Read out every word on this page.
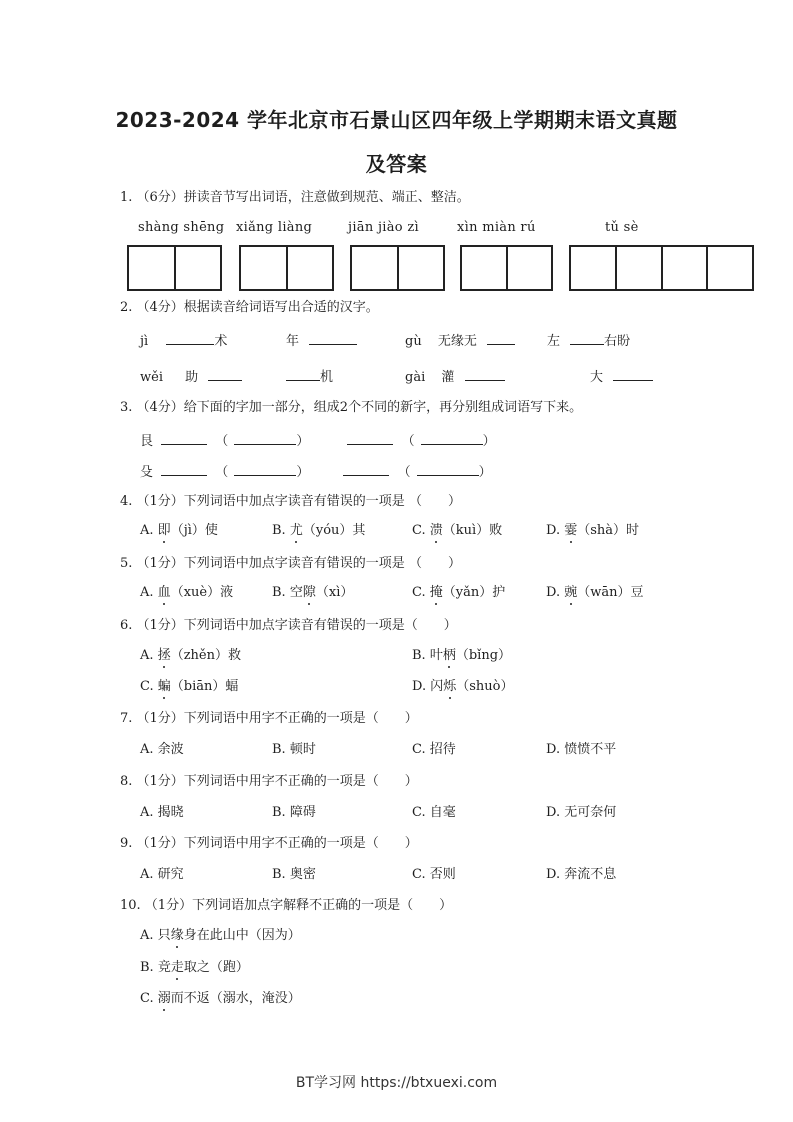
2023-2024 学年北京市石景山区四年级上学期期末语文真题
及答案
1. （6分）拼读音节写出词语，注意做到规范、端正、整洁。
shàng shēng xiǎng liàng	jiān jiào zì	xìn miàn rú	tǔ sè
2. （4分）根据读音给词语写出合适的汉字。
jì	术	年	gù 无缘无	左	右盼
wěi 助	机	gài 灌	大
3. （4分）给下面的字加一部分，组成2个不同的新字，再分别组成词语写下来。
艮	（	）	（	）
殳	（	）	（	）
4. （1分）下列词语中加点字读音有错误的一项是 （　　）
A. 即（jì）使	B. 尤（yóu）其	C. 溃（kuì）败	D. 霎（shà）时
5. （1分）下列词语中加点字读音有错误的一项是 （　　）
A. 血（xuè）液	B. 空隙（xì）	C. 掩（yǎn）护	D. 豌（wān）豆
6. （1分）下列词语中加点字读音有错误的一项是（　　）
A. 拯（zhěn）救	B. 叶柄（bǐng）
C. 蝙（biān）蝠	D. 闪烁（shuò）
7. （1分）下列词语中用字不正确的一项是（　　）
A. 余波	B. 顿时	C. 招待	D. 愤愤不平
8. （1分）下列词语中用字不正确的一项是（　　）
A. 揭晓	B. 障碍	C. 自毫	D. 无可奈何
9. （1分）下列词语中用字不正确的一项是（　　）
A. 研究	B. 奥密	C. 否则	D. 奔流不息
10. （1分）下列词语加点字解释不正确的一项是（　　）
A. 只缘身在此山中（因为）
B. 竞走取之（跑）
C. 溺而不返（溺水，淹没）
BT学习网 https://btxuexi.com
